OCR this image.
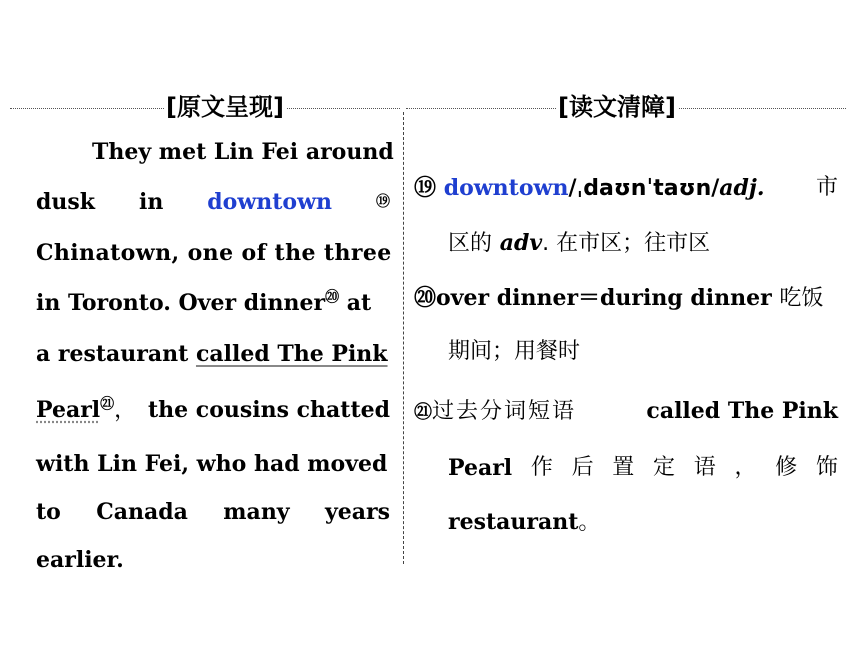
[原文呈现]	[读文清障]
They met Lin Fei around
dusk in downtown	⑲
Chinatown, one of the three
in Toronto. Over dinner⑳ at
a restaurant called The Pink
Pearl$^㉑$， the cousins chatted
with Lin Fei, who had moved
to Canada many years
earlier.
⑲ downtown/ˌdaʊnˈtaʊn/adj. 市
区的 adv. 在市区；往市区
⑳over dinner＝during dinner 吃饭
期间；用餐时
㉑过去分词短语	called The Pink
Pearl 作 后 置 定 语 ， 修 饰
restaurant。
